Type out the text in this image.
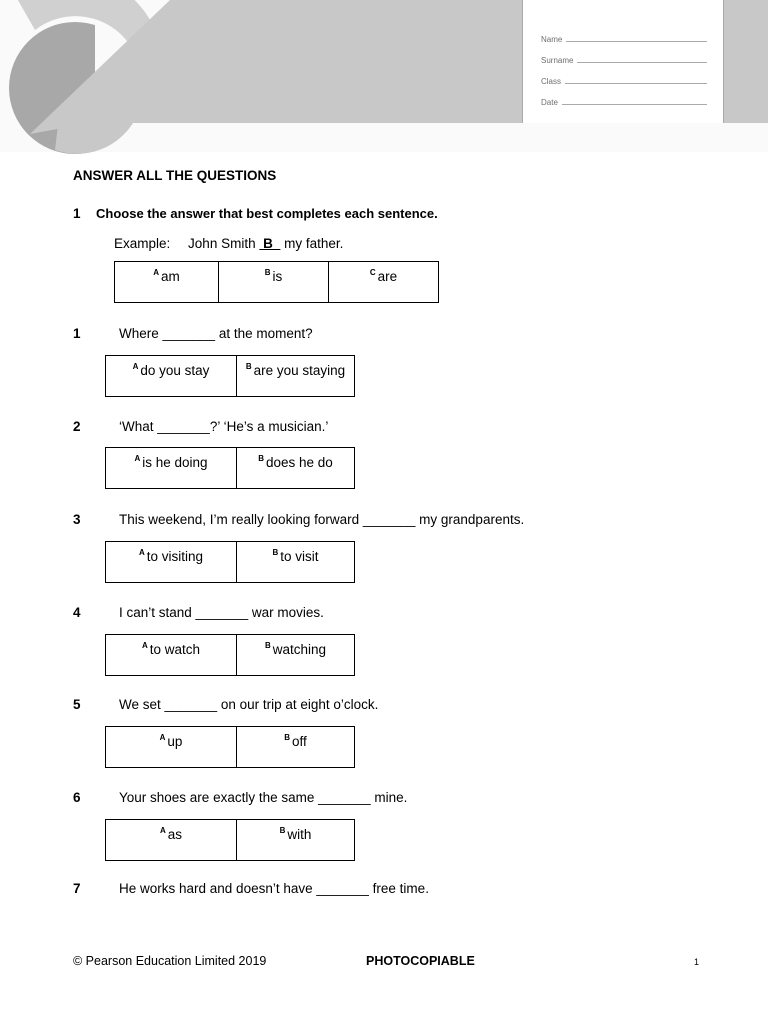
Name
Surname
Class
Date
ANSWER ALL THE QUESTIONS
1 Choose the answer that best completes each sentence.
Example: John Smith  B   my father.
A am	B is	C are
1	Where _______ at the moment?
A do you stay	B are you staying
2	‘What _______?’ ‘He’s a musician.’
A is he doing	B does he do
3	This weekend, I’m really looking forward _______ my grandparents.
A to visiting	B to visit
4	I can’t stand _______ war movies.
A to watch	B watching
5	We set _______ on our trip at eight o’clock.
A up	B off
6	Your shoes are exactly the same _______ mine.
A as	B with
7	He works hard and doesn’t have _______ free time.
© Pearson Education Limited 2019	PHOTOCOPIABLE	1
